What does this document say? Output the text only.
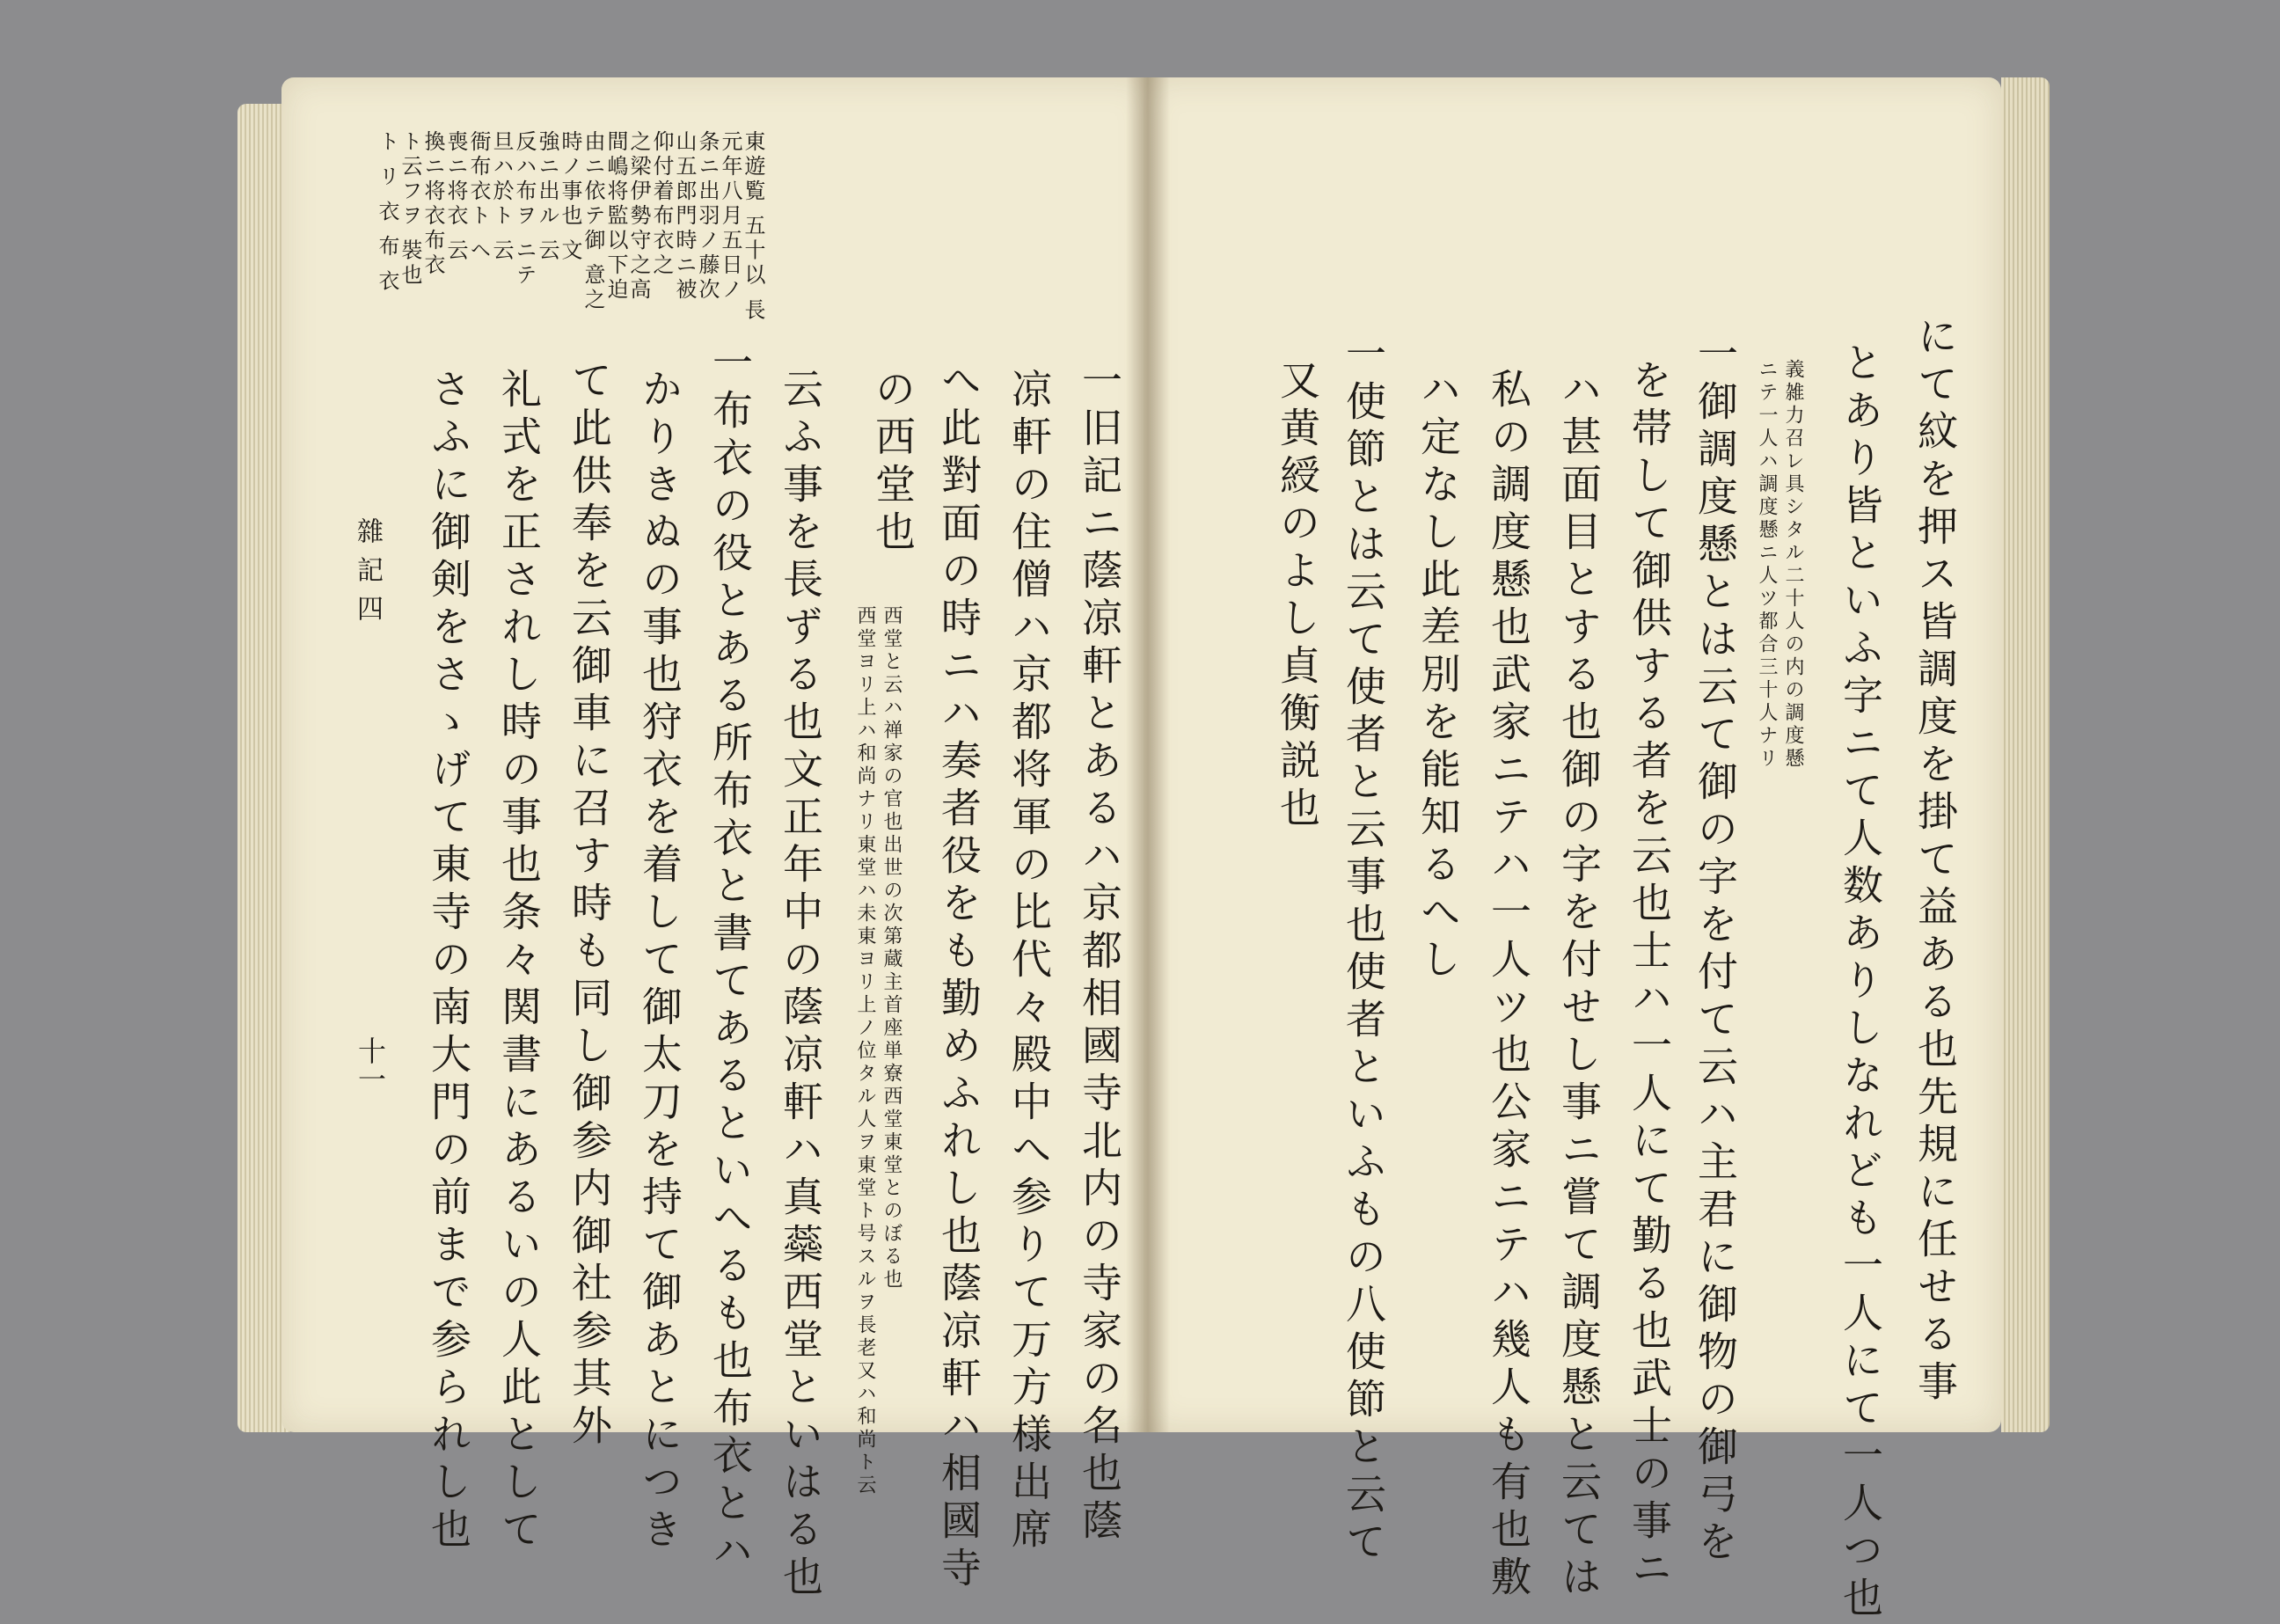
東遊覧 五十以 長
元年八月五日ノ
条ニ出羽ノ藤次
山五郎門時ニ被
仰付着布衣之
之梁伊勢守之高
間嶋将監以下迫
由ニ依テ御 意之
時ノ事也 文
強ニ出ル 云
反ハ布ヲ ニテ
旦ハ於ト 云
衙布衣ト ヘ
喪ニ将衣 云
換ニ将衣布衣
ト云フヲ 裝也
ト リ 衣 布 衣
一旧記ニ蔭凉軒とあるハ京都相國寺北内の寺家の名也蔭
凉軒の住僧ハ京都将軍の比代々殿中へ参りて万方様出席
へ此對面の時ニハ奏者役をも勤めふれし也蔭凉軒ハ相國寺
の西堂也
西堂と云ハ禅家の官也出世の次第蔵主首座単寮西堂東堂とのぼる也
西堂ヨリ上ハ和尚ナリ東堂ハ未東ヨリ上ノ位タル人ヲ東堂ト号スルヲ長老又ハ和尚ト云
云ふ事を長ずる也文正年中の蔭凉軒ハ真蘂西堂といはる也
一布衣の役とある所布衣と書てあるといへるも也布衣とハ
かりきぬの事也狩衣を着して御太刀を持て御あとにつき
て此供奉を云御車に召す時も同し御参内御社参其外
礼式を正されし時の事也条々関書にあるいの人此として
さふに御剣をさゝげて東寺の南大門の前まで参られし也
雜記四
十一	にて紋を押ス皆調度を掛て益ある也先規に任せる事
とあり皆といふ字ニて人数ありしなれども一人にて一人つ也
義雑力召レ具シタル二十人の内の調度懸
ニテ一人ハ調度懸ニ人ツ都合三十人ナリ
一御調度懸とは云て御の字を付て云ハ主君に御物の御弓を
を帯して御供する者を云也士ハ一人にて勤る也武士の事ニ
ハ甚面目とする也御の字を付せし事ニ嘗て調度懸と云ては
私の調度懸也武家ニテハ一人ツ也公家ニテハ幾人も有也敷
ハ定なし此差別を能知るへし
一使節とは云て使者と云事也使者といふもの八使節と云て
又黄綬のよし貞衡説也
